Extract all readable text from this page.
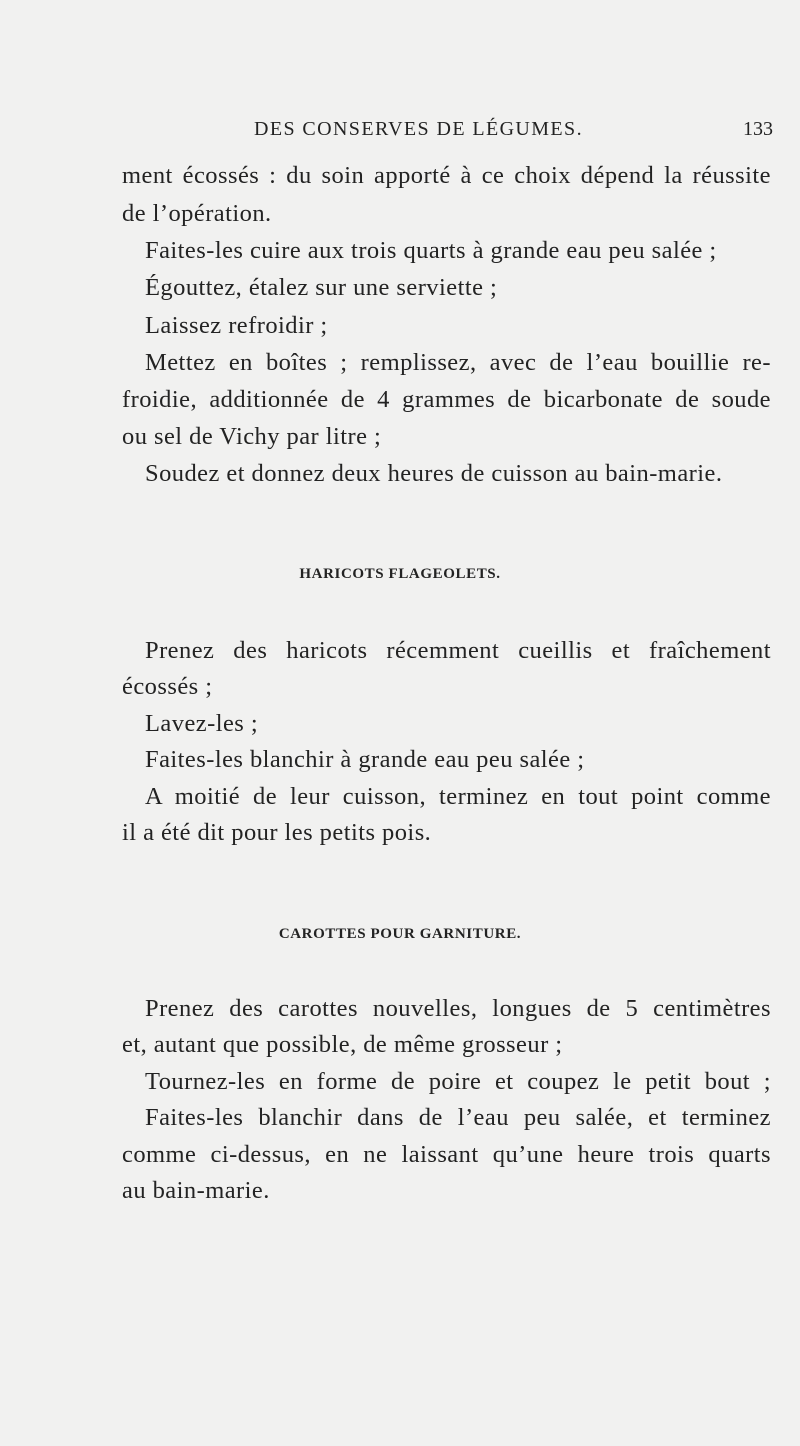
DES CONSERVES DE LÉGUMES.	133
ment écossés : du soin apporté à ce choix dépend la réussite
de l’opération.
Faites-les cuire aux trois quarts à grande eau peu salée ;
Égouttez, étalez sur une serviette ;
Laissez refroidir ;
Mettez en boîtes ; remplissez, avec de l’eau bouillie re-
froidie, additionnée de 4 grammes de bicarbonate de soude
ou sel de Vichy par litre ;
Soudez et donnez deux heures de cuisson au bain-marie.
HARICOTS FLAGEOLETS.
Prenez des haricots récemment cueillis et fraîchement
écossés ;
Lavez-les ;
Faites-les blanchir à grande eau peu salée ;
A moitié de leur cuisson, terminez en tout point comme
il a été dit pour les petits pois.
CAROTTES POUR GARNITURE.
Prenez des carottes nouvelles, longues de 5 centimètres
et, autant que possible, de même grosseur ;
Tournez-les en forme de poire et coupez le petit bout ;
Faites-les blanchir dans de l’eau peu salée, et terminez
comme ci-dessus, en ne laissant qu’une heure trois quarts
au bain-marie.
